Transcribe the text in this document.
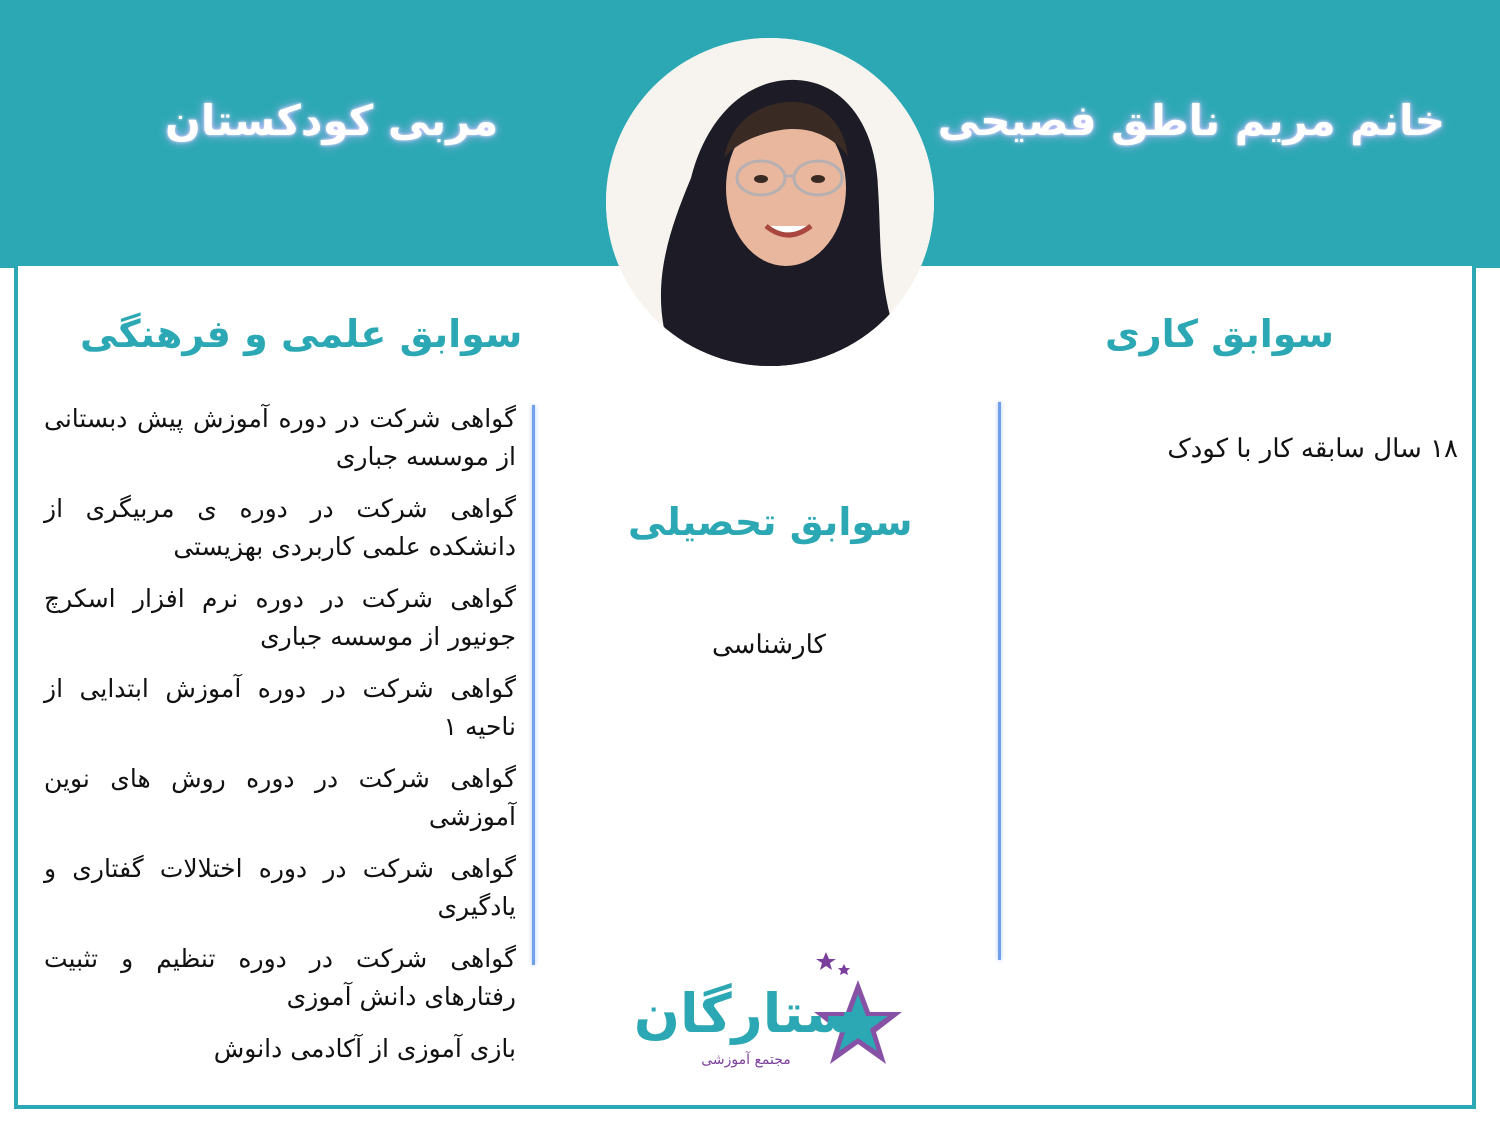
خانم مریم ناطق فصیحی
مربی کودکستان
سوابق کاری
سوابق علمی و فرهنگی
سوابق تحصیلی
۱۸ سال سابقه کار با کودک
کارشناسی
گواهی شرکت در دوره آموزش پیش دبستانی از موسسه جباری
گواهی شرکت در دوره ی مربیگری از دانشکده علمی کاربردی بهزیستی
گواهی شرکت در دوره نرم افزار اسکرچ جونیور از موسسه جباری
گواهی شرکت در دوره آموزش ابتدایی از ناحیه ۱
گواهی شرکت در دوره روش های نوین آموزشی
گواهی شرکت در دوره اختلالات گفتاری و یادگیری
گواهی شرکت در دوره تنظیم و تثبیت رفتارهای دانش آموزی
بازی آموزی از آکادمی دانوش
ستارگان
مجتمع آموزشی
